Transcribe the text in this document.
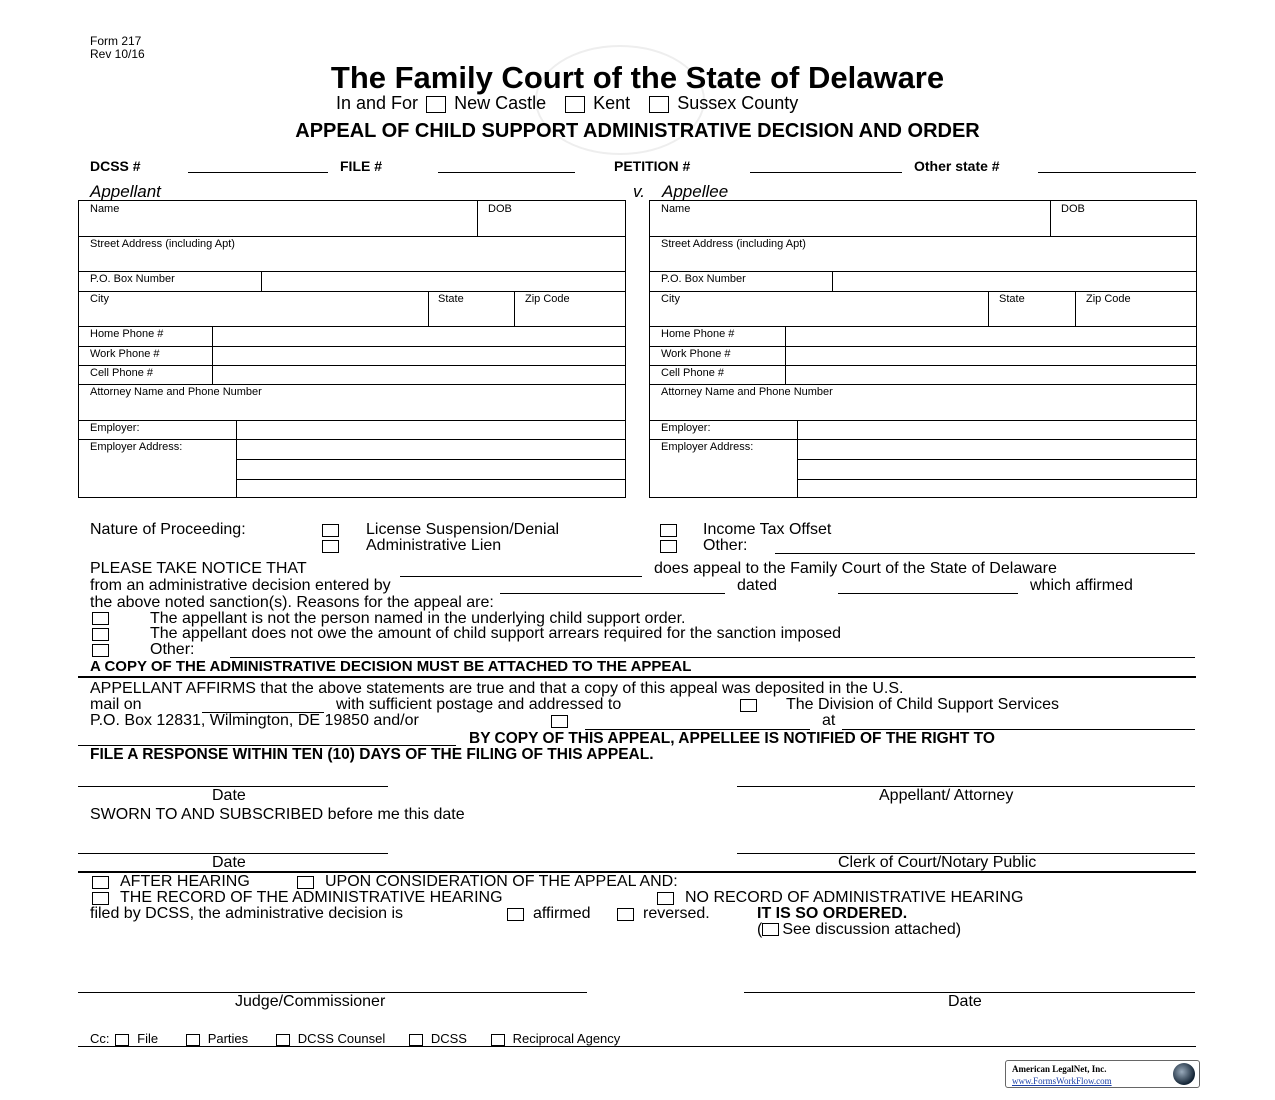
Form 217
Rev 10/16
The Family Court of the State of Delaware
In and For New Castle	Kent	Sussex County
APPEAL OF CHILD SUPPORT ADMINISTRATIVE DECISION AND ORDER
DCSS #	FILE #	PETITION #	Other state #
Appellant	v. Appellee
Name	DOB
Street Address (including Apt)
P.O. Box Number
City	State	Zip Code
Home Phone #
Work Phone #
Cell Phone #
Attorney Name and Phone Number
Employer:
Employer Address:
Name	DOB
Street Address (including Apt)
P.O. Box Number
City	State	Zip Code
Home Phone #
Work Phone #
Cell Phone #
Attorney Name and Phone Number
Employer:
Employer Address:
Nature of Proceeding:	License Suspension/Denial
Administrative Lien
Income Tax Offset
Other:
PLEASE TAKE NOTICE THAT	does appeal to the Family Court of the State of Delaware
from an administrative decision entered by	dated	which affirmed
the above noted sanction(s). Reasons for the appeal are:
The appellant is not the person named in the underlying child support order.
The appellant does not owe the amount of child support arrears required for the sanction imposed
Other:
A COPY OF THE ADMINISTRATIVE DECISION MUST BE ATTACHED TO THE APPEAL
APPELLANT AFFIRMS that the above statements are true and that a copy of this appeal was deposited in the U.S.
mail on	with sufficient postage and addressed to	The Division of Child Support Services
P.O. Box 12831, Wilmington, DE 19850 and/or	at
BY COPY OF THIS APPEAL, APPELLEE IS NOTIFIED OF THE RIGHT TO
FILE A RESPONSE WITHIN TEN (10) DAYS OF THE FILING OF THIS APPEAL.
Date	Appellant/ Attorney
SWORN TO AND SUBSCRIBED before me this date
Date	Clerk of Court/Notary Public
AFTER HEARING	UPON CONSIDERATION OF THE APPEAL AND:
THE RECORD OF THE ADMINISTRATIVE HEARING	NO RECORD OF ADMINISTRATIVE HEARING
filed by DCSS, the administrative decision is	affirmed	reversed.	IT IS SO ORDERED.
( See discussion attached)
Judge/Commissioner	Date
Cc: File	Parties	DCSS Counsel	DCSS	Reciprocal Agency
American LegalNet, Inc.
www.FormsWorkFlow.com
